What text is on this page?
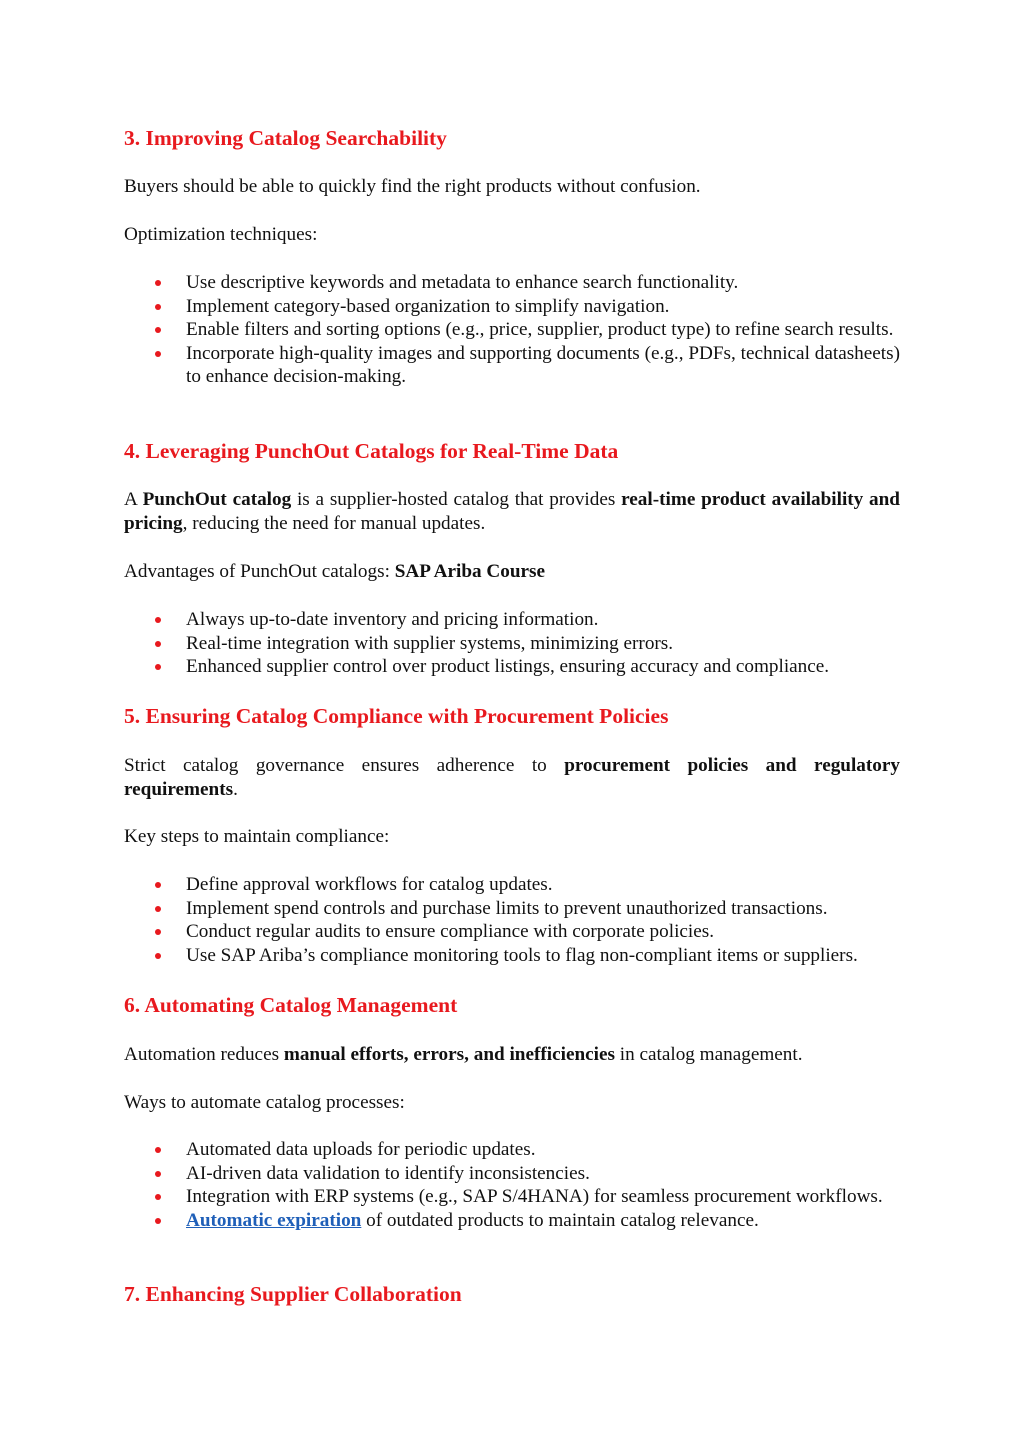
3. Improving Catalog Searchability

Buyers should be able to quickly find the right products without confusion.

Optimization techniques:

Use descriptive keywords and metadata to enhance search functionality.
Implement category-based organization to simplify navigation.
Enable filters and sorting options (e.g., price, supplier, product type) to refine search results.
Incorporate high-quality images and supporting documents (e.g., PDFs, technical datasheets) to enhance decision-making.
4. Leveraging PunchOut Catalogs for Real-Time Data

A PunchOut catalog is a supplier-hosted catalog that provides real-time product availability and pricing, reducing the need for manual updates.

Advantages of PunchOut catalogs: SAP Ariba Course

Always up-to-date inventory and pricing information.
Real-time integration with supplier systems, minimizing errors.
Enhanced supplier control over product listings, ensuring accuracy and compliance.
5. Ensuring Catalog Compliance with Procurement Policies

Strict catalog governance ensures adherence to procurement policies and regulatory requirements.

Key steps to maintain compliance:

Define approval workflows for catalog updates.
Implement spend controls and purchase limits to prevent unauthorized transactions.
Conduct regular audits to ensure compliance with corporate policies.
Use SAP Ariba’s compliance monitoring tools to flag non-compliant items or suppliers.
6. Automating Catalog Management

Automation reduces manual efforts, errors, and inefficiencies in catalog management.

Ways to automate catalog processes:

Automated data uploads for periodic updates.
AI-driven data validation to identify inconsistencies.
Integration with ERP systems (e.g., SAP S/4HANA) for seamless procurement workflows.
Automatic expiration of outdated products to maintain catalog relevance.
7. Enhancing Supplier Collaboration
